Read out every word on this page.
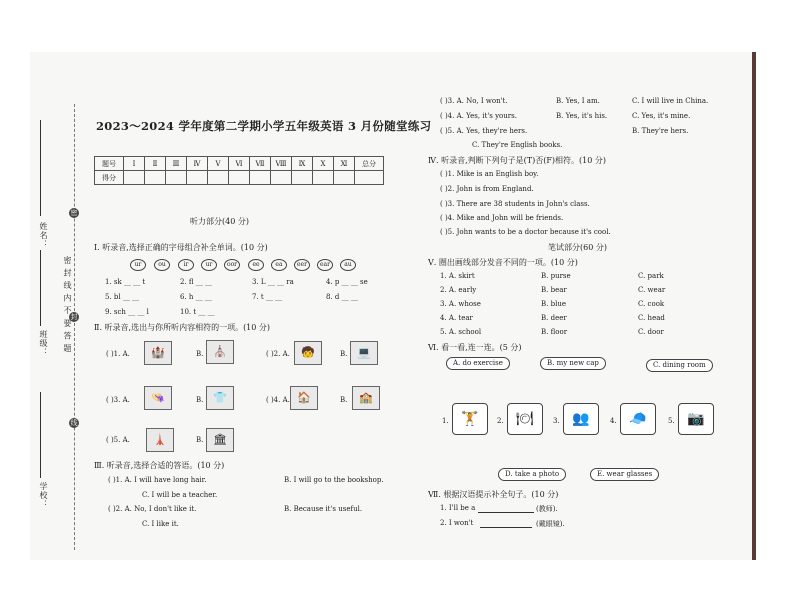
密
封
线
密 封 线 内 不 要 答 题
姓名：
班级：
学校：
2023～2024 学年度第二学期小学五年级英语 3 月份随堂练习
题号	Ⅰ	Ⅱ	Ⅲ	Ⅳ	Ⅴ	Ⅵ	Ⅶ	Ⅷ	Ⅸ	Ⅹ	Ⅺ	总分
得分												
听力部分(40 分)
Ⅰ. 听录音,选择正确的字母组合补全单词。(10 分)
ur	ou	ir	ur	oor	ee	ea	eer	ear	au
1. sk __ __ t	2. fl __ __	3. L __ __ ra	4. p __ __ se
5. bl __ __	6. h __ __	7. t __ __	8. d __ __
9. sch __ __ l	10. t __ __
Ⅱ. 听录音,选出与你所听内容相符的一项。(10 分)
( )1. A.	🏰	B. ⛪	( )2. A.	🧒	B. 💻
( )3. A.	👒	B. 👕	( )4. A. 🏠	B.	🏫
( )5. A.	🗼	B. 🏛
Ⅲ. 听录音,选择合适的答语。(10 分)
( )1. A. I will have long hair.	B. I will go to the bookshop.
C. I will be a teacher.
( )2. A. No, I don't like it.	B. Because it's useful.
C. I like it.
( )3. A. No, I won't.	B. Yes, I am.	C. I will live in China.
( )4. A. Yes, it's yours.	B. Yes, it's his.	C. Yes, it's mine.
( )5. A. Yes, they're hers.	B. They're hers.
C. They're English books.
Ⅳ. 听录音,判断下列句子是(T)否(F)相符。(10 分)
( )1. Mike is an English boy.
( )2. John is from England.
( )3. There are 38 students in John's class.
( )4. Mike and John will be friends.
( )5. John wants to be a doctor because it's cool.
笔试部分(60 分)
Ⅴ. 圈出画线部分发音不同的一项。(10 分)
1. A. skirt	B. purse	C. park
2. A. early	B. bear	C. wear
3. A. whose	B. blue	C. cook
4. A. tear	B. deer	C. head
5. A. school	B. floor	C. door
Ⅵ. 看一看,连一连。(5 分)
A. do exercise	B. my new cap	C. dining room
1. 🏋	2. 🍽	3. 👥	4. 🧢	5. 📷
D. take a photo	E. wear glasses
Ⅶ. 根据汉语提示补全句子。(10 分)
1. I'll be a	(教师).
2. I won't	(戴眼镜).
